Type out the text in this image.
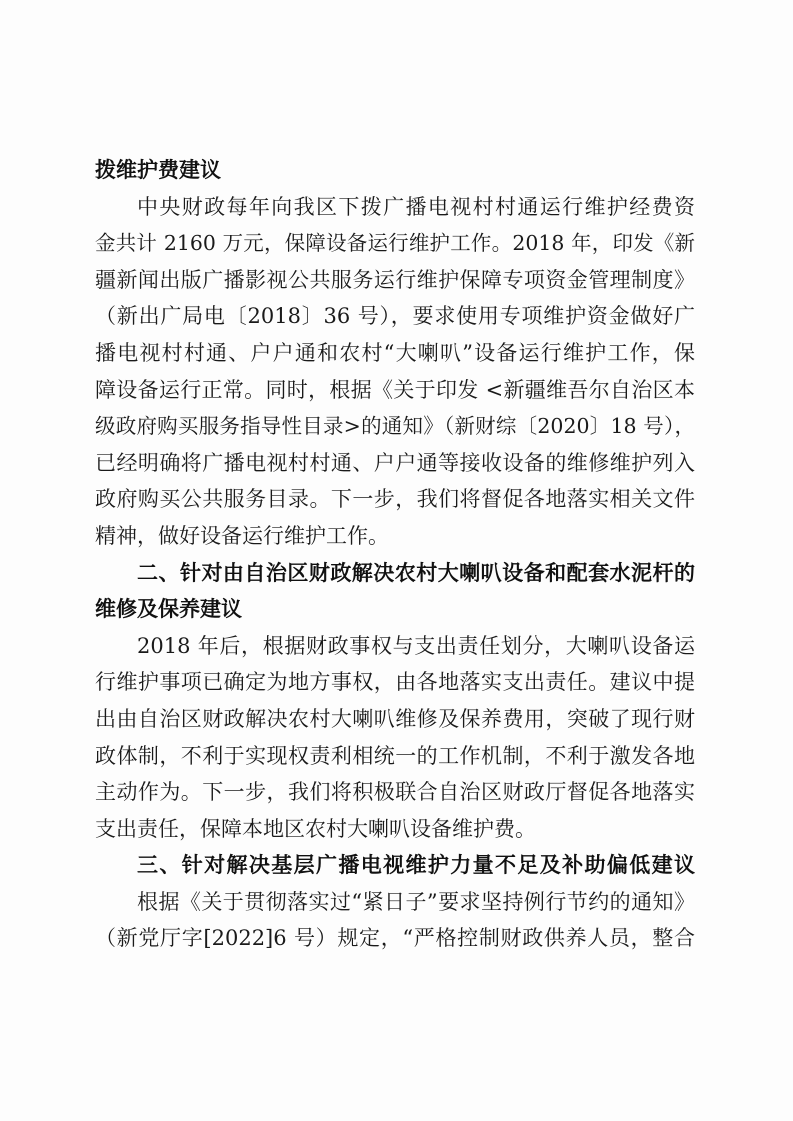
拨维护费建议
中央财政每年向我区下拨广播电视村村通运行维护经费资
金共计 2160 万元，保障设备运行维护工作。2018 年，印发《新
疆新闻出版广播影视公共服务运行维护保障专项资金管理制度》
（新出广局电〔2018〕36 号），要求使用专项维护资金做好广
播电视村村通、户户通和农村“大喇叭”设备运行维护工作，保
障设备运行正常。同时，根据《关于印发 <新疆维吾尔自治区本
级政府购买服务指导性目录>的通知》（新财综〔2020〕18 号），
已经明确将广播电视村村通、户户通等接收设备的维修维护列入
政府购买公共服务目录。下一步，我们将督促各地落实相关文件
精神，做好设备运行维护工作。
二、针对由自治区财政解决农村大喇叭设备和配套水泥杆的
维修及保养建议
2018 年后，根据财政事权与支出责任划分，大喇叭设备运
行维护事项已确定为地方事权，由各地落实支出责任。建议中提
出由自治区财政解决农村大喇叭维修及保养费用，突破了现行财
政体制，不利于实现权责利相统一的工作机制，不利于激发各地
主动作为。下一步，我们将积极联合自治区财政厅督促各地落实
支出责任，保障本地区农村大喇叭设备维护费。
三、针对解决基层广播电视维护力量不足及补助偏低建议
根据《关于贯彻落实过“紧日子”要求坚持例行节约的通知》
（新党厅字[2022]6 号）规定，“严格控制财政供养人员，整合
